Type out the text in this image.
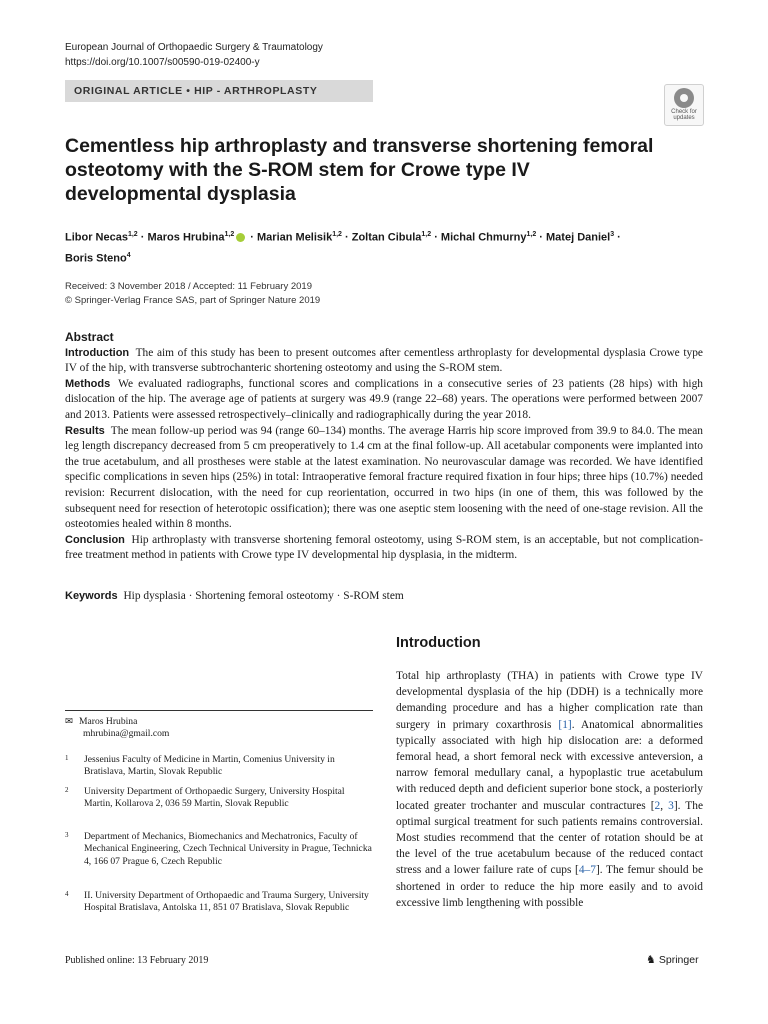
European Journal of Orthopaedic Surgery & Traumatology
https://doi.org/10.1007/s00590-019-02400-y
ORIGINAL ARTICLE • HIP - ARTHROPLASTY
Check for
updates
Cementless hip arthroplasty and transverse shortening femoral osteotomy with the S-ROM stem for Crowe type IV developmental dysplasia
Libor Necas$^{1,2}$ · Maros Hrubina$^{1,2}$ · Marian Melisik$^{1,2}$ · Zoltan Cibula$^{1,2}$ · Michal Chmurny$^{1,2}$ · Matej Daniel$^3$ ·
Boris Steno$^4$
Received: 3 November 2018 / Accepted: 11 February 2019
© Springer-Verlag France SAS, part of Springer Nature 2019
Abstract

Introduction The aim of this study has been to present outcomes after cementless arthroplasty for developmental dysplasia Crowe type IV of the hip, with transverse subtrochanteric shortening osteotomy and using the S-ROM stem.

Methods We evaluated radiographs, functional scores and complications in a consecutive series of 23 patients (28 hips) with high dislocation of the hip. The average age of patients at surgery was 49.9 (range 22–68) years. The operations were performed between 2007 and 2013. Patients were assessed retrospectively–clinically and radiographically during the year 2018.

Results The mean follow-up period was 94 (range 60–134) months. The average Harris hip score improved from 39.9 to 84.0. The mean leg length discrepancy decreased from 5 cm preoperatively to 1.4 cm at the final follow-up. All acetabular components were implanted into the true acetabulum, and all prostheses were stable at the latest examination. No neurovascular damage was recorded. We have identified specific complications in seven hips (25%) in total: Intraoperative femoral fracture required fixation in four hips; three hips (10.7%) needed revision: Recurrent dislocation, with the need for cup reorientation, occurred in two hips (in one of them, this was followed by the subsequent need for resection of heterotopic ossification); there was one aseptic stem loosening with the need of one-stage revision. All the osteotomies healed within 8 months.

Conclusion Hip arthroplasty with transverse shortening femoral osteotomy, using S-ROM stem, is an acceptable, but not complication-free treatment method in patients with Crowe type IV developmental hip dysplasia, in the midterm.

Keywords Hip dysplasia · Shortening femoral osteotomy · S-ROM stem
Introduction

Total hip arthroplasty (THA) in patients with Crowe type IV developmental dysplasia of the hip (DDH) is a technically more demanding procedure and has a higher complication rate than surgery in primary coxarthrosis [1]. Anatomical abnormalities typically associated with high hip dislocation are: a deformed femoral head, a short femoral neck with excessive anteversion, a narrow femoral medullary canal, a hypoplastic true acetabulum with reduced depth and deficient superior bone stock, a posteriorly located greater trochanter and muscular contractures [2, 3]. The optimal surgical treatment for such patients remains controversial. Most studies recommend that the center of rotation should be at the level of the true acetabulum because of the reduced contact stress and a lower failure rate of cups [4–7]. The femur should be shortened in order to reduce the hip more easily and to avoid excessive limb lengthening with possible

✉ Maros Hrubina
mhrubina@gmail.com
1	Jessenius Faculty of Medicine in Martin, Comenius University in Bratislava, Martin, Slovak Republic
2	University Department of Orthopaedic Surgery, University Hospital Martin, Kollarova 2, 036 59 Martin, Slovak Republic
3	Department of Mechanics, Biomechanics and Mechatronics, Faculty of Mechanical Engineering, Czech Technical University in Prague, Technicka 4, 166 07 Prague 6, Czech Republic
4	II. University Department of Orthopaedic and Trauma Surgery, University Hospital Bratislava, Antolska 11, 851 07 Bratislava, Slovak Republic
Published online: 13 February 2019	♞ Springer
